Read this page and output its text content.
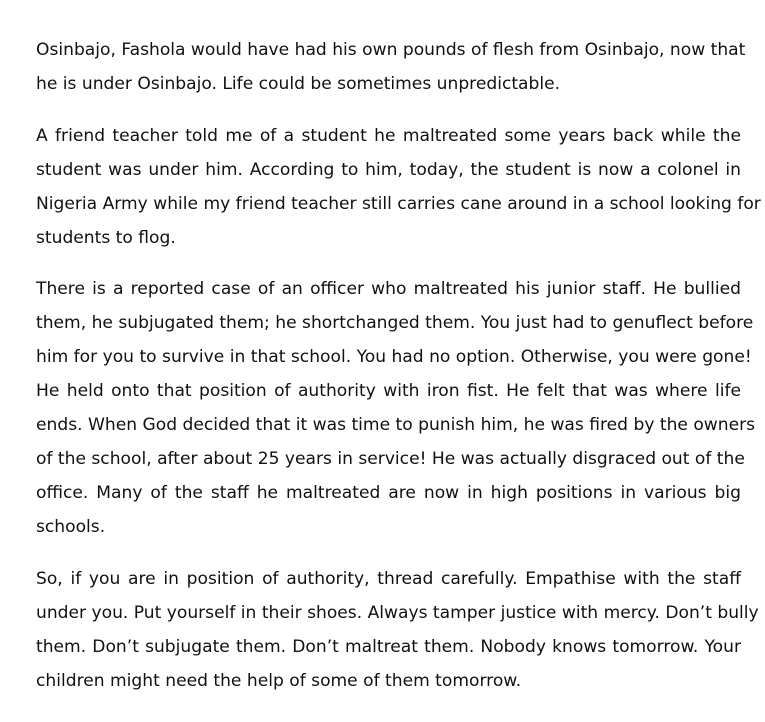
Osinbajo, Fashola would have had his own pounds of flesh from Osinbajo, now that
he is under Osinbajo. Life could be sometimes unpredictable.

A friend teacher told me of a student he maltreated some years back while the
student was under him. According to him, today, the student is now a colonel in
Nigeria Army while my friend teacher still carries cane around in a school looking for
students to flog.

There is a reported case of an officer who maltreated his junior staff. He bullied
them, he subjugated them; he shortchanged them. You just had to genuflect before
him for you to survive in that school. You had no option. Otherwise, you were gone!
He held onto that position of authority with iron fist. He felt that was where life
ends. When God decided that it was time to punish him, he was fired by the owners
of the school, after about 25 years in service! He was actually disgraced out of the
office. Many of the staff he maltreated are now in high positions in various big
schools.

So, if you are in position of authority, thread carefully. Empathise with the staff
under you. Put yourself in their shoes. Always tamper justice with mercy. Don’t bully
them. Don’t subjugate them. Don’t maltreat them. Nobody knows tomorrow. Your
children might need the help of some of them tomorrow.
